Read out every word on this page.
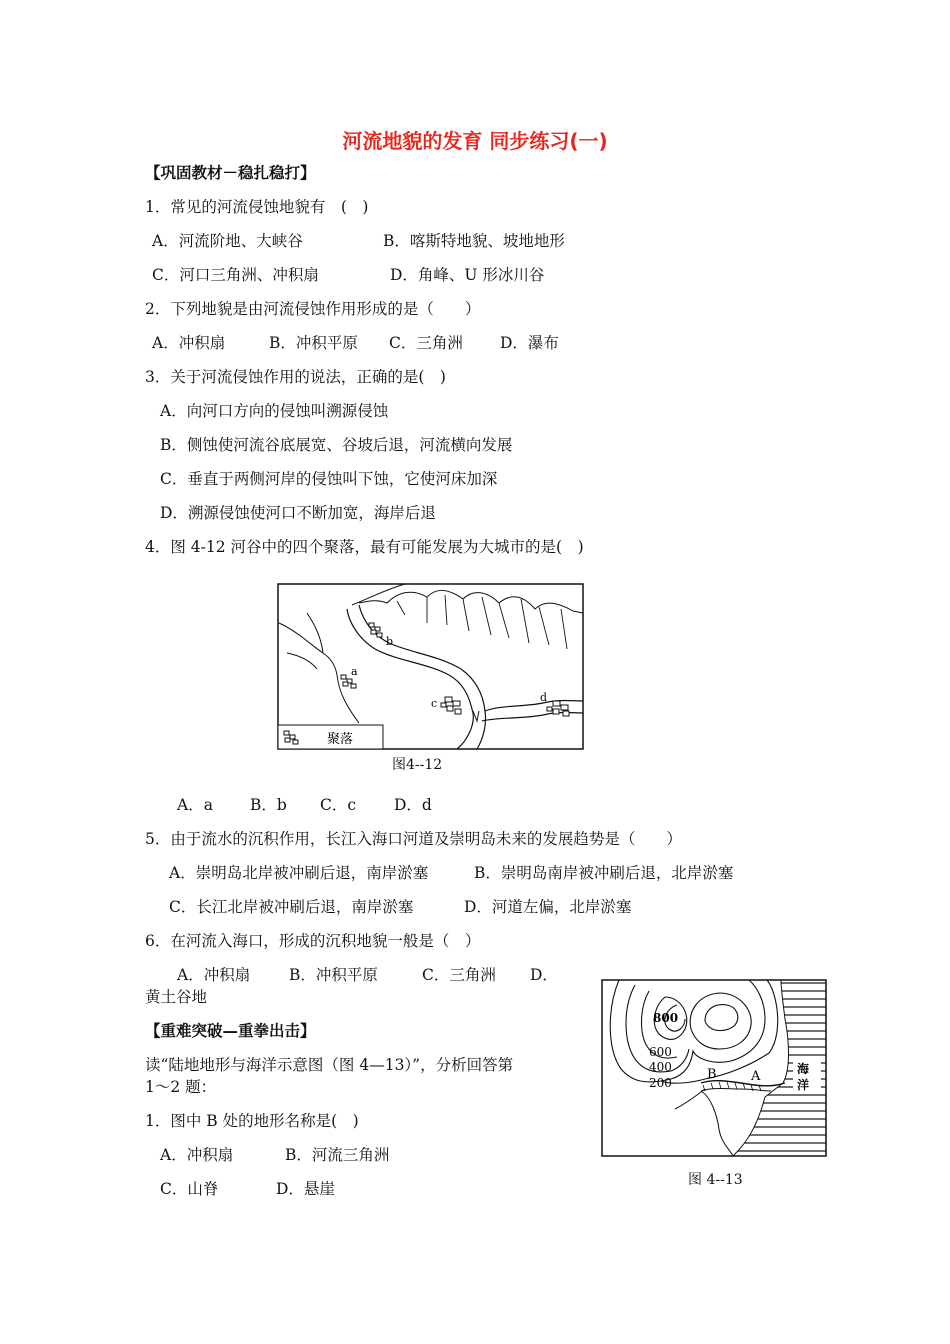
河流地貌的发育 同步练习(一)
【巩固教材－稳扎稳打】
1．常见的河流侵蚀地貌有　(　)
A．河流阶地、大峡谷	B．喀斯特地貌、坡地地形
C．河口三角洲、冲积扇	D．角峰、U 形冰川谷
2．下列地貌是由河流侵蚀作用形成的是（　　）
A．冲积扇	B．冲积平原 C．三角洲 D．瀑布
3．关于河流侵蚀作用的说法，正确的是(　)
A．向河口方向的侵蚀叫溯源侵蚀
B．侧蚀使河流谷底展宽、谷坡后退，河流横向发展
C．垂直于两侧河岸的侵蚀叫下蚀，它使河床加深
D．溯源侵蚀使河口不断加宽，海岸后退
4．图 4-12 河谷中的四个聚落，最有可能发展为大城市的是(　)
a
b
c	d
聚落
图4--12
A．a B．b C．c D．d
5．由于流水的沉积作用，长江入海口河道及崇明岛未来的发展趋势是（　　）
A．崇明岛北岸被冲刷后退，南岸淤塞	B．崇明岛南岸被冲刷后退，北岸淤塞
C．长江北岸被冲刷后退，南岸淤塞	D．河道左偏，北岸淤塞
6．在河流入海口，形成的沉积地貌一般是（　）
A．冲积扇	B．冲积平原	C．三角洲 D．
黄土谷地
【重难突破—重拳出击】
读“陆地地形与海洋示意图（图 4—13）”，分析回答第
1～2 题：
1．图中 B 处的地形名称是(　)
A．冲积扇	B．河流三角洲
C．山脊	D．悬崖
800
600
400
200
B	A	海
洋
图 4--13
